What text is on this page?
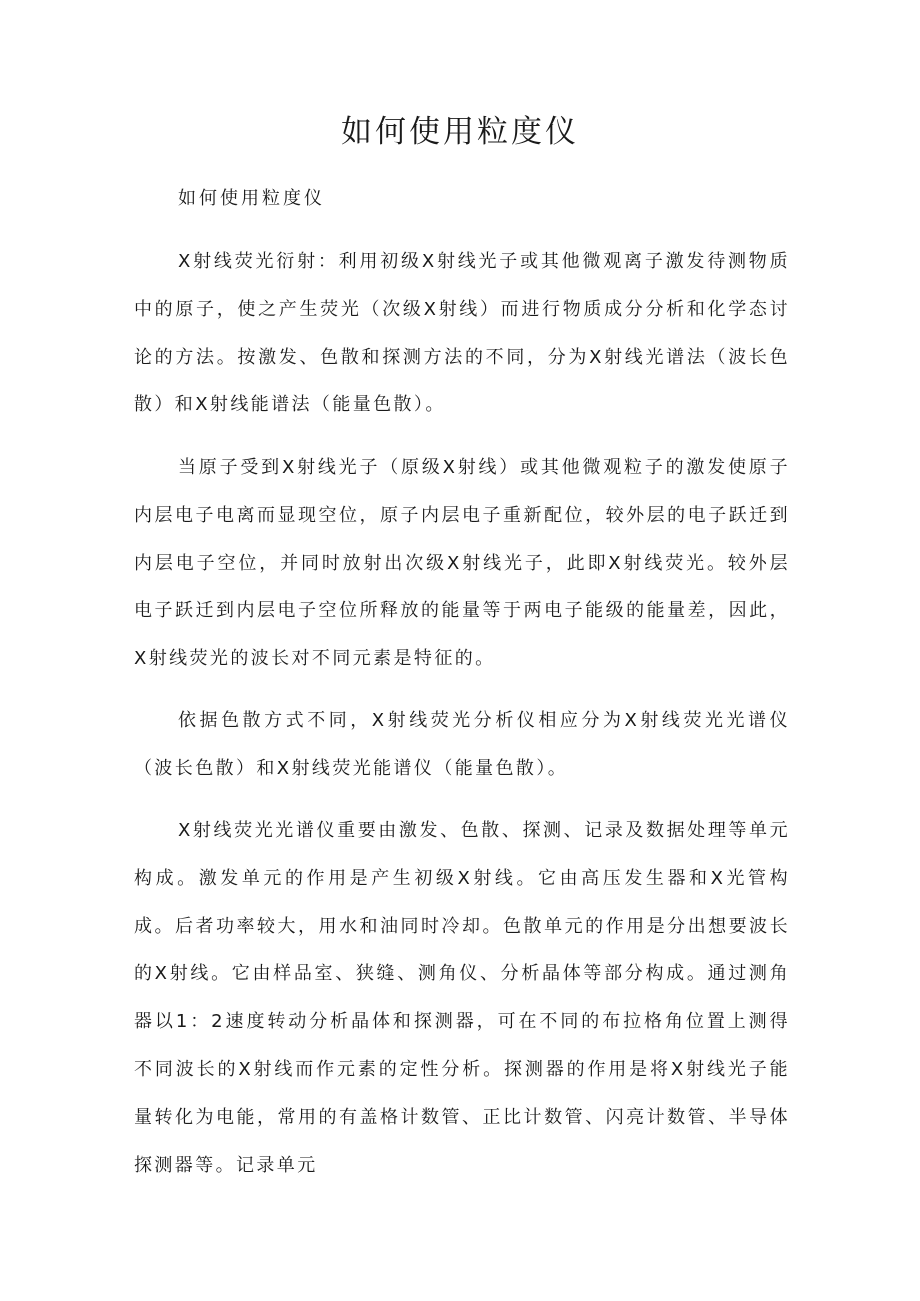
如何使用粒度仪

如何使用粒度仪

X射线荧光衍射：利用初级X射线光子或其他微观离子激发待测物质中的原子，使之产生荧光（次级X射线）而进行物质成分分析和化学态讨论的方法。按激发、色散和探测方法的不同，分为X射线光谱法（波长色散）和X射线能谱法（能量色散）。

当原子受到X射线光子（原级X射线）或其他微观粒子的激发使原子内层电子电离而显现空位，原子内层电子重新配位，较外层的电子跃迁到内层电子空位，并同时放射出次级X射线光子，此即X射线荧光。较外层电子跃迁到内层电子空位所释放的能量等于两电子能级的能量差，因此，X射线荧光的波长对不同元素是特征的。

依据色散方式不同，X射线荧光分析仪相应分为X射线荧光光谱仪（波长色散）和X射线荧光能谱仪（能量色散）。

X射线荧光光谱仪重要由激发、色散、探测、记录及数据处理等单元构成。激发单元的作用是产生初级X射线。它由高压发生器和X光管构成。后者功率较大，用水和油同时冷却。色散单元的作用是分出想要波长的X射线。它由样品室、狭缝、测角仪、分析晶体等部分构成。通过测角器以1：2速度转动分析晶体和探测器，可在不同的布拉格角位置上测得不同波长的X射线而作元素的定性分析。探测器的作用是将X射线光子能量转化为电能，常用的有盖格计数管、正比计数管、闪亮计数管、半导体探测器等。记录单元
